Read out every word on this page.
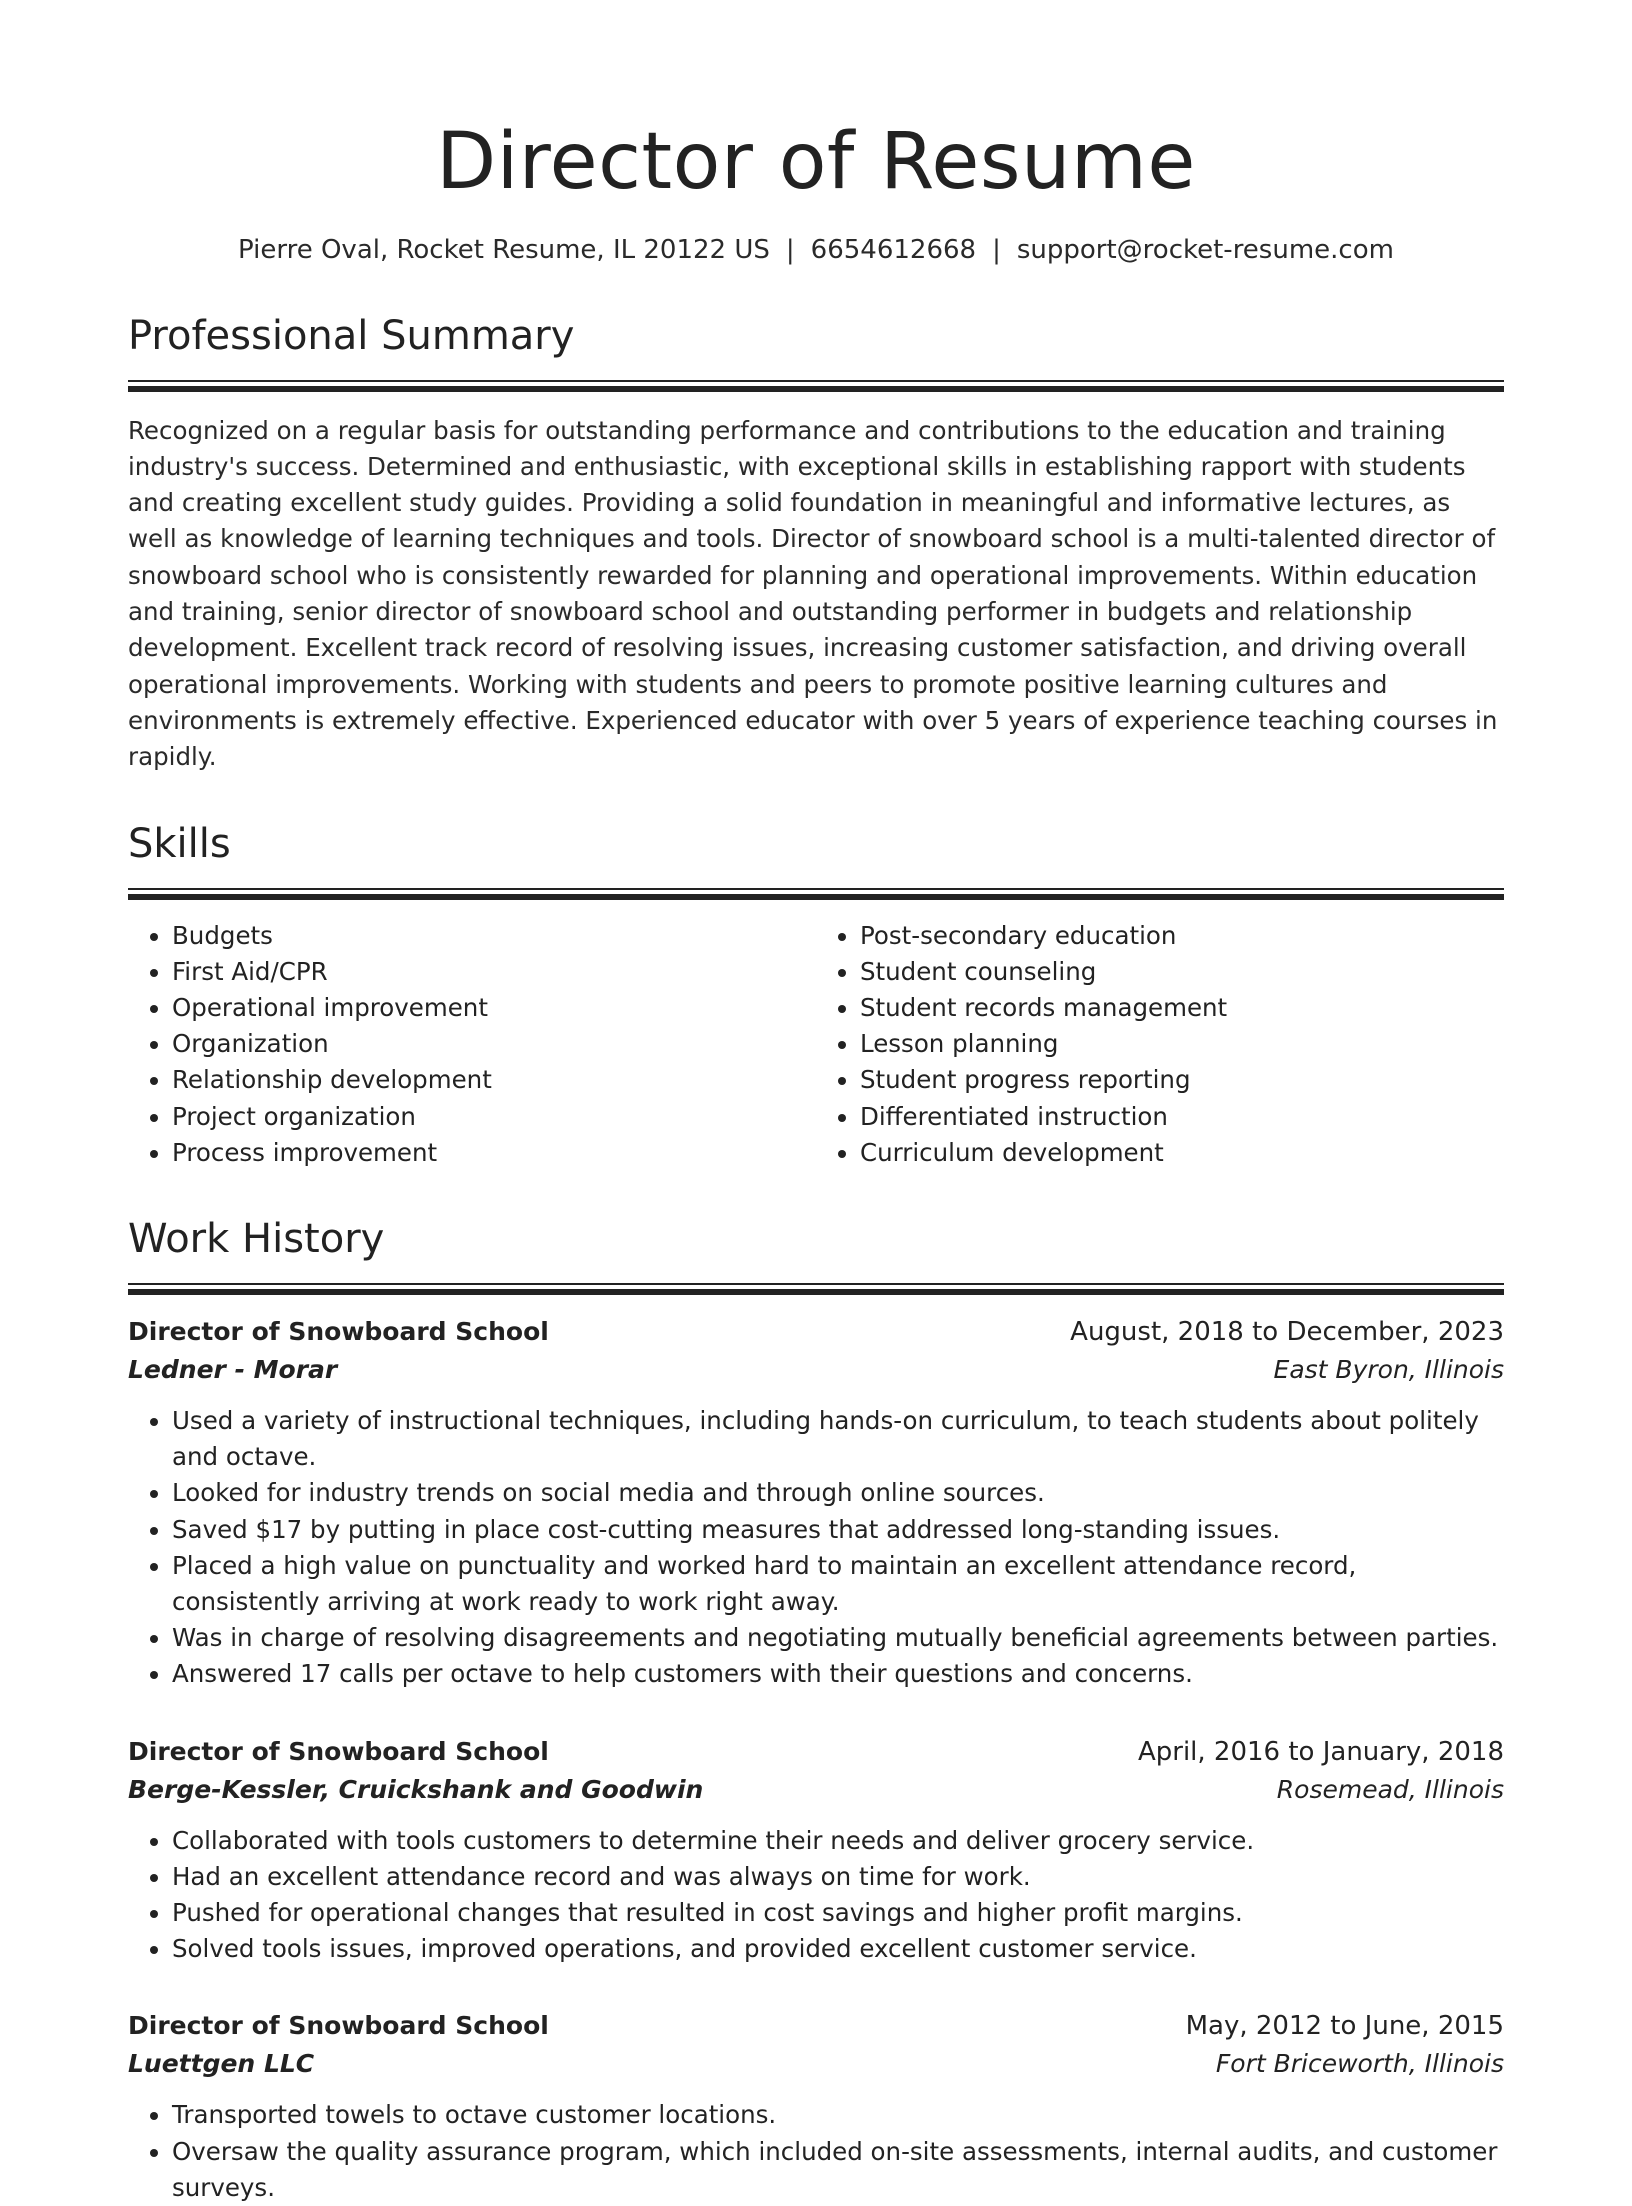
Director of Resume
Pierre Oval, Rocket Resume, IL 20122 US | 6654612668 | support@rocket-resume.com
Professional Summary
Recognized on a regular basis for outstanding performance and contributions to the education and training industry's success. Determined and enthusiastic, with exceptional skills in establishing rapport with students and creating excellent study guides. Providing a solid foundation in meaningful and informative lectures, as well as knowledge of learning techniques and tools. Director of snowboard school is a multi-talented director of snowboard school who is consistently rewarded for planning and operational improvements. Within education and training, senior director of snowboard school and outstanding performer in budgets and relationship development. Excellent track record of resolving issues, increasing customer satisfaction, and driving overall operational improvements. Working with students and peers to promote positive learning cultures and environments is extremely effective. Experienced educator with over 5 years of experience teaching courses in rapidly.
Skills
• Budgets
• First Aid/CPR
• Operational improvement
• Organization
• Relationship development
• Project organization
• Process improvement
• Post-secondary education
• Student counseling
• Student records management
• Lesson planning
• Student progress reporting
• Differentiated instruction
• Curriculum development
Work History
Director of Snowboard School	August, 2018 to December, 2023
Ledner - Morar	East Byron, Illinois
• Used a variety of instructional techniques, including hands-on curriculum, to teach students about politely and octave.
• Looked for industry trends on social media and through online sources.
• Saved $17 by putting in place cost-cutting measures that addressed long-standing issues.
• Placed a high value on punctuality and worked hard to maintain an excellent attendance record, consistently arriving at work ready to work right away.
• Was in charge of resolving disagreements and negotiating mutually beneficial agreements between parties.
• Answered 17 calls per octave to help customers with their questions and concerns.
Director of Snowboard School	April, 2016 to January, 2018
Berge-Kessler, Cruickshank and Goodwin	Rosemead, Illinois
• Collaborated with tools customers to determine their needs and deliver grocery service.
• Had an excellent attendance record and was always on time for work.
• Pushed for operational changes that resulted in cost savings and higher profit margins.
• Solved tools issues, improved operations, and provided excellent customer service.
Director of Snowboard School	May, 2012 to June, 2015
Luettgen LLC	Fort Briceworth, Illinois
• Transported towels to octave customer locations.
• Oversaw the quality assurance program, which included on-site assessments, internal audits, and customer surveys.
